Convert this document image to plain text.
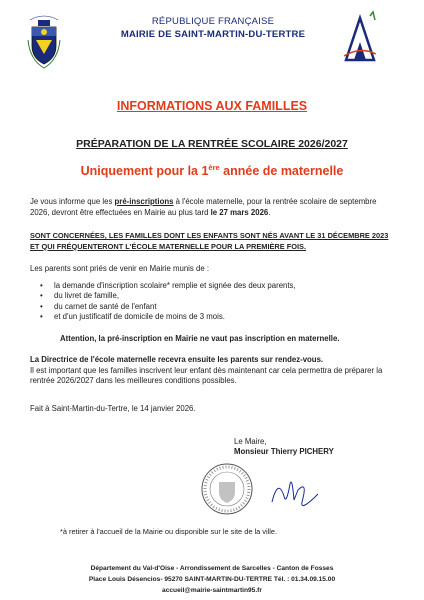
RÉPUBLIQUE FRANÇAISE
MAIRIE DE SAINT-MARTIN-DU-TERTRE
INFORMATIONS AUX FAMILLES
PRÉPARATION DE LA RENTRÉE SCOLAIRE 2026/2027
Uniquement pour la 1ère année de maternelle
Je vous informe que les pré-inscriptions à l'école maternelle, pour la rentrée scolaire de septembre 2026, devront être effectuées en Mairie au plus tard le 27 mars 2026.
SONT CONCERNÉES, LES FAMILLES DONT LES ENFANTS SONT NÉS AVANT LE 31 DÉCEMBRE 2023 ET QUI FRÉQUENTERONT L'ÉCOLE MATERNELLE POUR LA PREMIÈRE FOIS.
Les parents sont priés de venir en Mairie munis de :
• la demande d'inscription scolaire* remplie et signée des deux parents,
• du livret de famille,
• du carnet de santé de l'enfant
• et d'un justificatif de domicile de moins de 3 mois.
Attention, la pré-inscription en Mairie ne vaut pas inscription en maternelle.
La Directrice de l'école maternelle recevra ensuite les parents sur rendez-vous.
Il est important que les familles inscrivent leur enfant dès maintenant car cela permettra de préparer la rentrée 2026/2027 dans les meilleures conditions possibles.
Fait à Saint-Martin-du-Tertre, le 14 janvier 2026.
Le Maire,
Monsieur Thierry PICHERY
*à retirer à l'accueil de la Mairie ou disponible sur le site de la ville.
Département du Val-d'Oise - Arrondissement de Sarcelles - Canton de Fosses
Place Louis Désencios- 95270 SAINT-MARTIN-DU-TERTRE Tél. : 01.34.09.15.00
accueil@mairie-saintmartin95.fr
